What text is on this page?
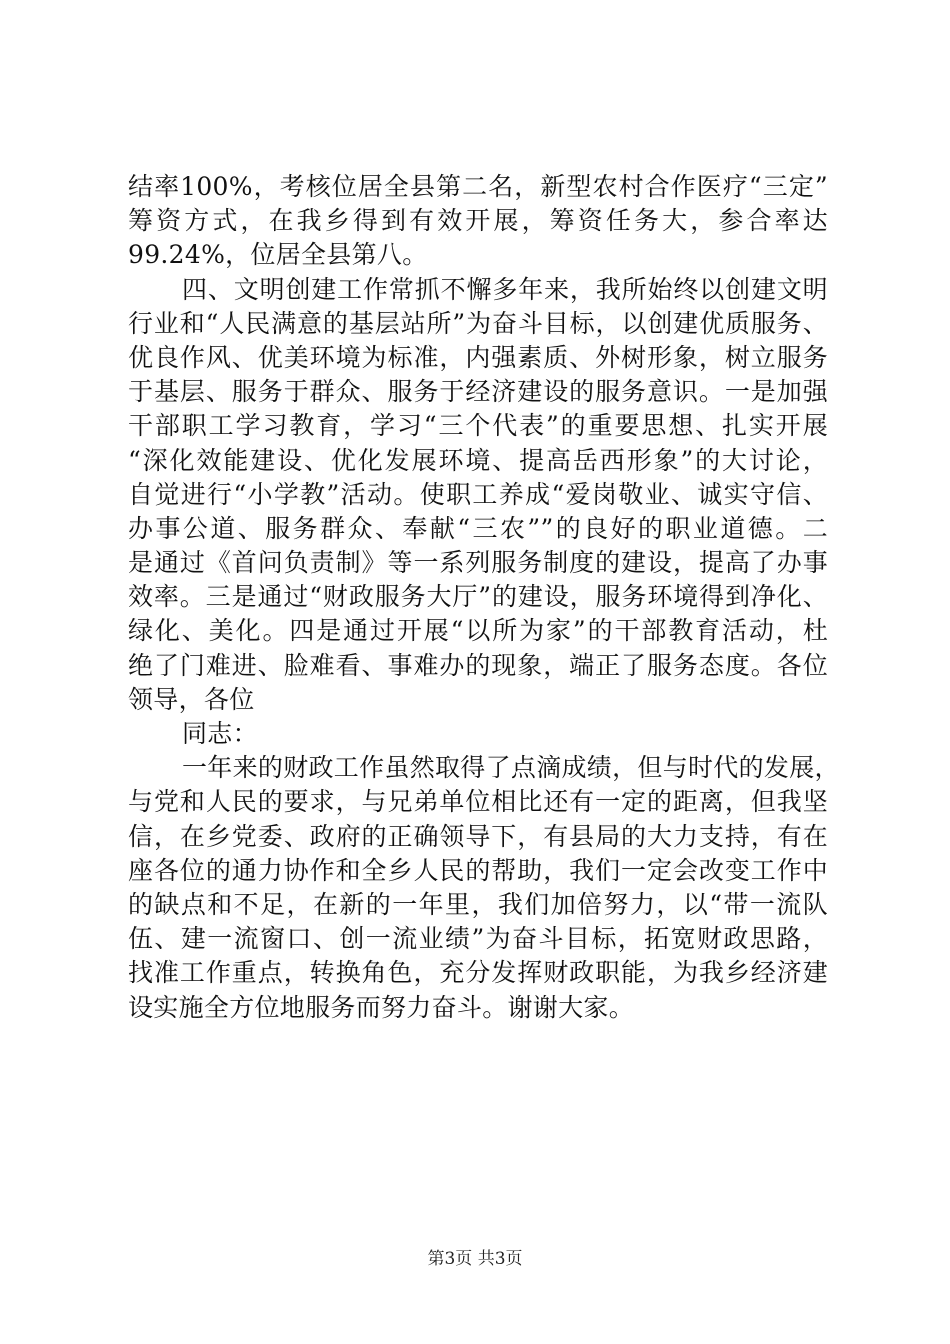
结率100%，考核位居全县第二名，新型农村合作医疗“三定”
筹资方式，在我乡得到有效开展，筹资任务大，参合率达
99.24%，位居全县第八。
四、文明创建工作常抓不懈多年来，我所始终以创建文明
行业和“人民满意的基层站所”为奋斗目标，以创建优质服务、
优良作风、优美环境为标准，内强素质、外树形象，树立服务
于基层、服务于群众、服务于经济建设的服务意识。一是加强
干部职工学习教育，学习“三个代表”的重要思想、扎实开展
“深化效能建设、优化发展环境、提高岳西形象”的大讨论，
自觉进行“小学教”活动。使职工养成“爱岗敬业、诚实守信、
办事公道、服务群众、奉献“三农””的良好的职业道德。二
是通过《首问负责制》等一系列服务制度的建设，提高了办事
效率。三是通过“财政服务大厅”的建设，服务环境得到净化、
绿化、美化。四是通过开展“以所为家”的干部教育活动，杜
绝了门难进、脸难看、事难办的现象，端正了服务态度。各位
领导，各位
同志：
一年来的财政工作虽然取得了点滴成绩，但与时代的发展，
与党和人民的要求，与兄弟单位相比还有一定的距离，但我坚
信，在乡党委、政府的正确领导下，有县局的大力支持，有在
座各位的通力协作和全乡人民的帮助，我们一定会改变工作中
的缺点和不足，在新的一年里，我们加倍努力，以“带一流队
伍、建一流窗口、创一流业绩”为奋斗目标，拓宽财政思路，
找准工作重点，转换角色，充分发挥财政职能，为我乡经济建
设实施全方位地服务而努力奋斗。谢谢大家。
第3页 共3页
